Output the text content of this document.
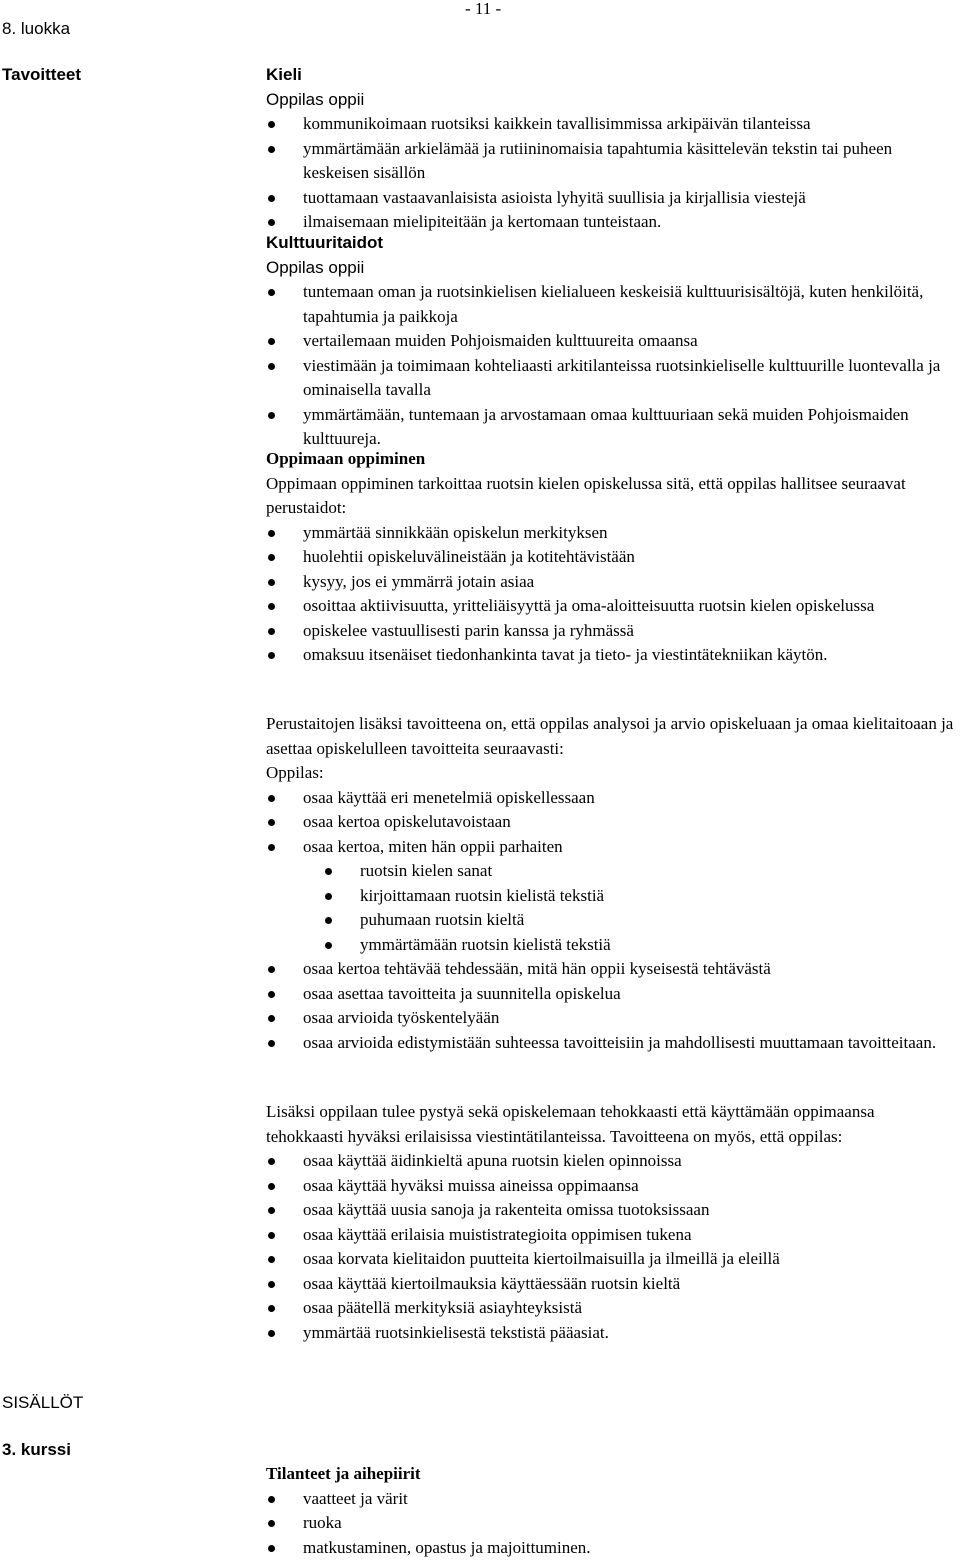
- 11 -
8. luokka
Tavoitteet
SISÄLLÖT
3. kurssi

Kieli

Oppilas oppii

kommunikoimaan ruotsiksi kaikkein tavallisimmissa arkipäivän tilanteissa
ymmärtämään arkielämää ja rutiininomaisia tapahtumia käsittelevän tekstin tai puheen keskeisen sisällön
tuottamaan vastaavanlaisista asioista lyhyitä suullisia ja kirjallisia viestejä
ilmaisemaan mielipiteitään ja kertomaan tunteistaan.

Kulttuuritaidot

Oppilas oppii

tuntemaan oman ja ruotsinkielisen kielialueen keskeisiä kulttuurisisältöjä, kuten henkilöitä, tapahtumia ja paikkoja
vertailemaan muiden Pohjoismaiden kulttuureita omaansa
viestimään ja toimimaan kohteliaasti arkitilanteissa ruotsinkieliselle kulttuurille luontevalla ja ominaisella tavalla
ymmärtämään, tuntemaan ja arvostamaan omaa kulttuuriaan sekä muiden Pohjoismaiden kulttuureja.

Oppimaan oppiminen

Oppimaan oppiminen tarkoittaa ruotsin kielen opiskelussa sitä, että oppilas hallitsee seuraavat perustaidot:

ymmärtää sinnikkään opiskelun merkityksen
huolehtii opiskeluvälineistään ja kotitehtävistään
kysyy, jos ei ymmärrä jotain asiaa
osoittaa aktiivisuutta, yritteliäisyyttä ja oma-aloitteisuutta ruotsin kielen opiskelussa
opiskelee vastuullisesti parin kanssa ja ryhmässä
omaksuu itsenäiset tiedonhankinta tavat ja tieto- ja viestintätekniikan käytön.

Perustaitojen lisäksi tavoitteena on, että oppilas analysoi ja arvio opiskeluaan ja omaa kielitaitoaan ja asettaa opiskelulleen tavoitteita seuraavasti:

Oppilas:

osaa käyttää eri menetelmiä opiskellessaan
osaa kertoa opiskelutavoistaan
osaa kertoa, miten hän oppii parhaiten
ruotsin kielen sanat
kirjoittamaan ruotsin kielistä tekstiä
puhumaan ruotsin kieltä
ymmärtämään ruotsin kielistä tekstiä
osaa kertoa tehtävää tehdessään, mitä hän oppii kyseisestä tehtävästä
osaa asettaa tavoitteita ja suunnitella opiskelua
osaa arvioida työskentelyään
osaa arvioida edistymistään suhteessa tavoitteisiin ja mahdollisesti muuttamaan tavoitteitaan.

Lisäksi oppilaan tulee pystyä sekä opiskelemaan tehokkaasti että käyttämään oppimaansa tehokkaasti hyväksi erilaisissa viestintätilanteissa. Tavoitteena on myös, että oppilas:

osaa käyttää äidinkieltä apuna ruotsin kielen opinnoissa
osaa käyttää hyväksi muissa aineissa oppimaansa
osaa käyttää uusia sanoja ja rakenteita omissa tuotoksissaan
osaa käyttää erilaisia muististrategioita oppimisen tukena
osaa korvata kielitaidon puutteita kiertoilmaisuilla ja ilmeillä ja eleillä
osaa käyttää kiertoilmauksia käyttäessään ruotsin kieltä
osaa päätellä merkityksiä asiayhteyksistä
ymmärtää ruotsinkielisestä tekstistä pääasiat.

Tilanteet ja aihepiirit

vaatteet ja värit
ruoka
matkustaminen, opastus ja majoittuminen.
